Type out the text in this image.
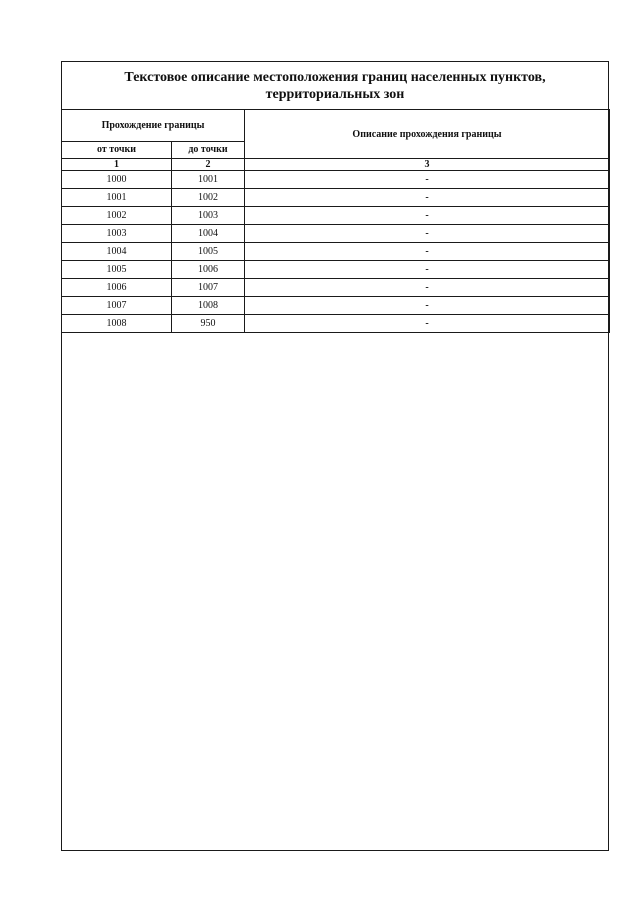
Текстовое описание местоположения границ населенных пунктов,
территориальных зон
Прохождение границы		Описание прохождения границы
от точки	до точки	
1	2	3
1000	1001	-
1001	1002	-
1002	1003	-
1003	1004	-
1004	1005	-
1005	1006	-
1006	1007	-
1007	1008	-
1008	950	-
